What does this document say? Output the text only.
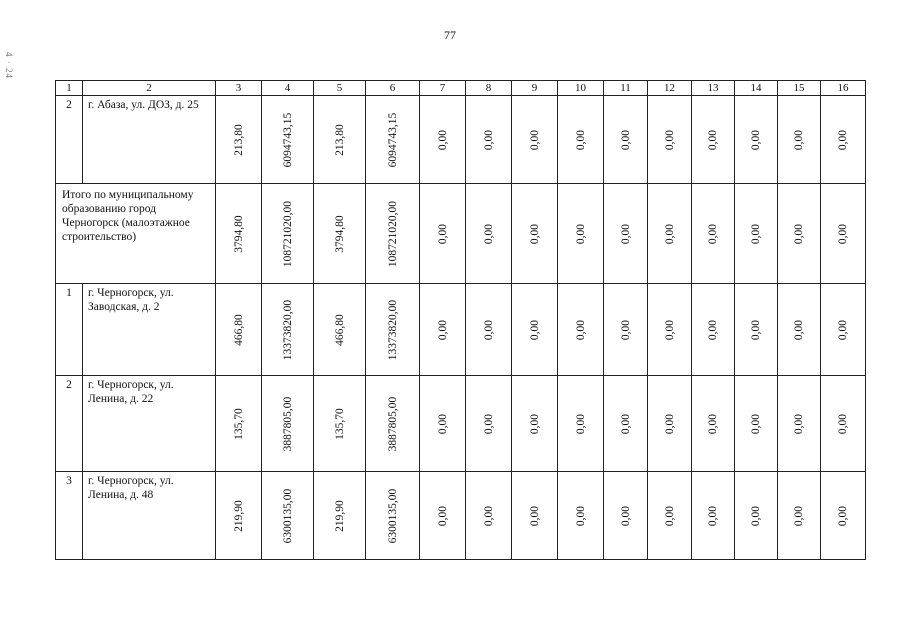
77
4 · 24
1	2	3	4	5	6	7	8	9	10	11	12	13	14	15	16
2	г. Абаза, ул. ДОЗ, д. 25	213,80	6094743,15	213,80	6094743,15	0,00	0,00	0,00	0,00	0,00	0,00	0,00	0,00	0,00	0,00

Итого по муниципальному образованию город Черногорск (малоэтажное строительство)		3794,80	108721020,00	3794,80	108721020,00	0,00	0,00	0,00	0,00	0,00	0,00	0,00	0,00	0,00	0,00

1	г. Черногорск, ул. Заводская, д. 2	466,80	13373820,00	466,80	13373820,00	0,00	0,00	0,00	0,00	0,00	0,00	0,00	0,00	0,00	0,00

2	г. Черногорск, ул. Ленина, д. 22	135,70	3887805,00	135,70	3887805,00	0,00	0,00	0,00	0,00	0,00	0,00	0,00	0,00	0,00	0,00

3	г. Черногорск, ул. Ленина, д. 48	219,90	6300135,00	219,90	6300135,00	0,00	0,00	0,00	0,00	0,00	0,00	0,00	0,00	0,00	0,00
